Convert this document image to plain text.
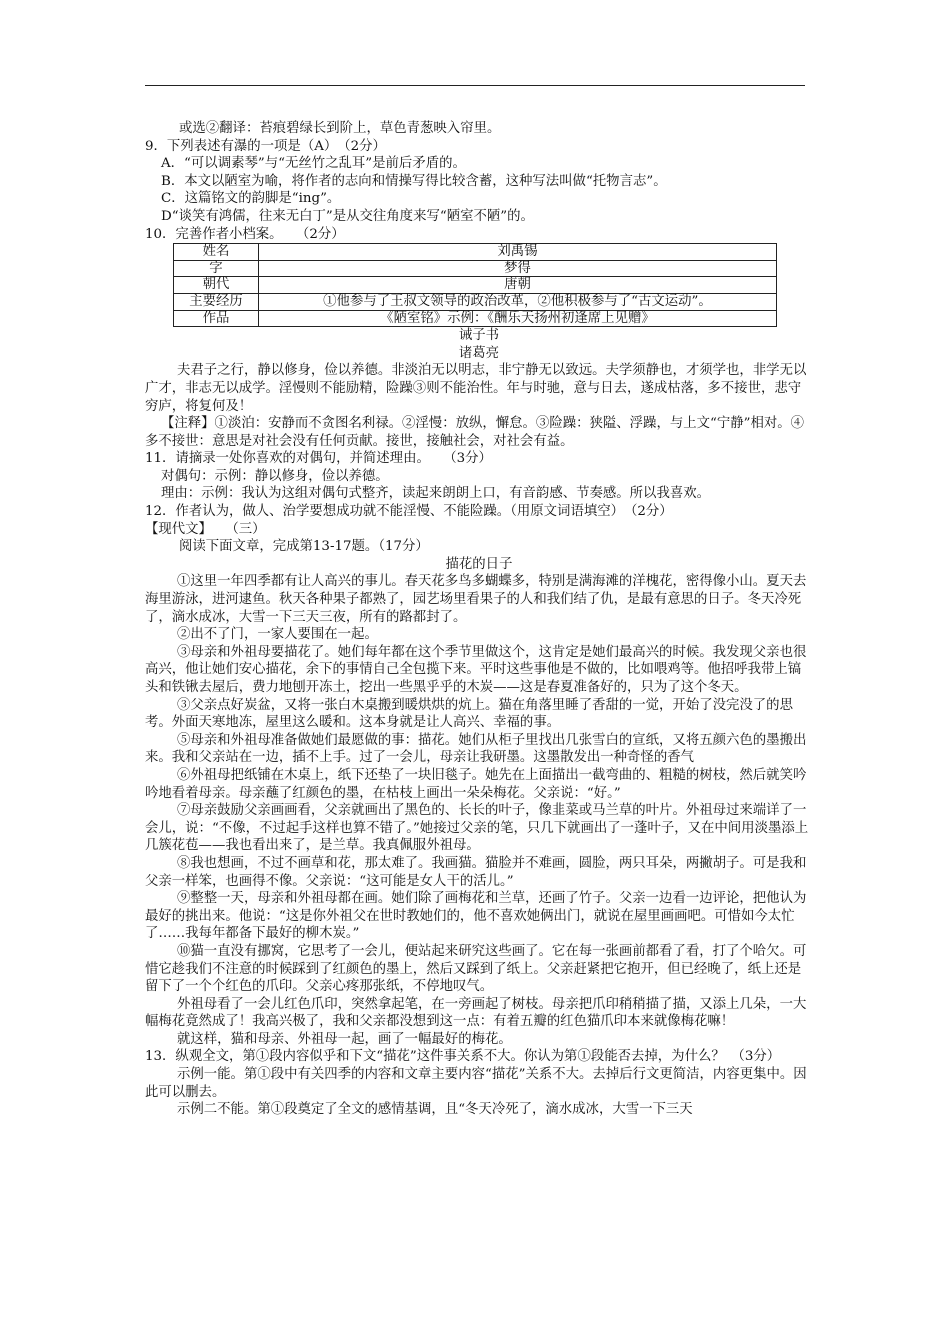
或选②翻译：苔痕碧绿长到阶上，草色青葱映入帘里。

9．下列表述有瀑的一项是（A）　（2分）

A．“可以调素琴”与“无丝竹之乱耳”是前后矛盾的。

B．本文以陋室为喻，将作者的志向和情操写得比较含蓄，这种写法叫做“托物言志”。

C．这篇铭文的韵脚是“ing”。

D“谈笑有鸿儒，往来无白丁”是从交往角度来写“陋室不陋”的。

10．完善作者小档案。　　（2分）

姓名	刘禹锡
字	梦得
朝代	唐朝
主要经历	①他参与了王叔文领导的政治改革，②他积极参与了“古文运动”。
作品	《陋室铭》示例：《酬乐天扬州初逢席上见赠》

诫子书

诸葛亮

夫君子之行，静以修身，俭以养德。非淡泊无以明志，非宁静无以致远。夫学须静也，才须学也，非学无以广才，非志无以成学。淫慢则不能励精，险躁③则不能治性。年与时驰，意与日去，遂成枯落，多不接世，悲守穷庐，将复何及！

【注释】①淡泊：安静而不贪图名利禄。②淫慢：放纵，懈怠。③险躁：狭隘、浮躁，与上文“宁静”相对。④多不接世：意思是对社会没有任何贡献。接世，接触社会，对社会有益。

11．请摘录一处你喜欢的对偶句，并简述理由。　　（3分）

对偶句：示例：静以修身，俭以养德。

理由：示例：我认为这组对偶句式整齐，读起来朗朗上口，有音韵感、节奏感。所以我喜欢。

12．作者认为，做人、治学要想成功就不能淫慢、不能险躁。（用原文词语填空）　（2分）

【现代文】　　（三）

阅读下面文章，完成第13-17题。（17分）

描花的日子

①这里一年四季都有让人高兴的事儿。春天花多鸟多蝴蝶多，特别是满海滩的洋槐花，密得像小山。夏天去海里游泳，进河逮鱼。秋天各种果子都熟了，园艺场里看果子的人和我们结了仇，是最有意思的日子。冬天冷死了，滴水成冰，大雪一下三天三夜，所有的路都封了。

②出不了门，一家人要围在一起。

③母亲和外祖母要描花了。她们每年都在这个季节里做这个，这肯定是她们最高兴的时候。我发现父亲也很高兴，他让她们安心描花，余下的事情自己全包揽下来。平时这些事他是不做的，比如喂鸡等。他招呼我带上镐头和铁锹去屋后，费力地刨开冻土，挖出一些黑乎乎的木炭——这是春夏准备好的，只为了这个冬天。

③父亲点好炭盆，又将一张白木桌搬到暖烘烘的炕上。猫在角落里睡了香甜的一觉，开始了没完没了的思考。外面天寒地冻，屋里这么暖和。这本身就是让人高兴、幸福的事。

⑤母亲和外祖母准备做她们最愿做的事：描花。她们从柜子里找出几张雪白的宣纸，又将五颜六色的墨搬出来。我和父亲站在一边，插不上手。过了一会儿，母亲让我研墨。这墨散发出一种奇怪的香气

⑥外祖母把纸铺在木桌上，纸下还垫了一块旧毯子。她先在上面描出一截弯曲的、粗糙的树枝，然后就笑吟吟地看着母亲。母亲蘸了红颜色的墨，在枯枝上画出一朵朵梅花。父亲说：“好。”

⑦母亲鼓励父亲画画看，父亲就画出了黑色的、长长的叶子，像韭菜或马兰草的叶片。外祖母过来端详了一会儿，说：“不像，不过起手这样也算不错了。”她接过父亲的笔，只几下就画出了一蓬叶子，又在中间用淡墨添上几簇花苞——我也看出来了，是兰草。我真佩服外祖母。

⑧我也想画，不过不画草和花，那太难了。我画猫。猫脸并不难画，圆脸，两只耳朵，两撇胡子。可是我和父亲一样笨，也画得不像。父亲说：“这可能是女人干的活儿。”

⑨整整一天，母亲和外祖母都在画。她们除了画梅花和兰草，还画了竹子。父亲一边看一边评论，把他认为最好的挑出来。他说：“这是你外祖父在世时教她们的，他不喜欢她俩出门，就说在屋里画画吧。可惜如今太忙了……我每年都备下最好的柳木炭。”

⑩猫一直没有挪窝，它思考了一会儿，便站起来研究这些画了。它在每一张画前都看了看，打了个哈欠。可惜它趁我们不注意的时候踩到了红颜色的墨上，然后又踩到了纸上。父亲赶紧把它抱开，但已经晚了，纸上还是留下了一个个红色的爪印。父亲心疼那张纸，不停地叹气。

外祖母看了一会儿红色爪印，突然拿起笔，在一旁画起了树枝。母亲把爪印稍稍描了描，又添上几朵，一大幅梅花竟然成了！我高兴极了，我和父亲都没想到这一点：有着五瓣的红色猫爪印本来就像梅花嘛！

就这样，猫和母亲、外祖母一起，画了一幅最好的梅花。

13．纵观全文，第①段内容似乎和下文“描花”这件事关系不大。你认为第①段能否去掉，为什么？　（3分）

示例一能。第①段中有关四季的内容和文章主要内容“描花”关系不大。去掉后行文更简洁，内容更集中。因此可以删去。

示例二不能。第①段奠定了全文的感情基调，且“冬天冷死了，滴水成冰，大雪一下三天
